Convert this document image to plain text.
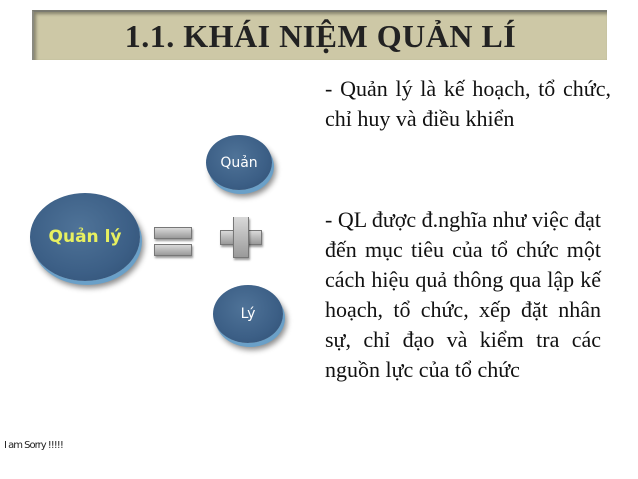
1.1. KHÁI NIỆM QUẢN LÍ
- Quản lý là kế hoạch, tổ chức, chỉ huy và điều khiển
- QL được đ.nghĩa như việc đạt đến mục tiêu của tổ chức một cách hiệu quả thông qua lập kế hoạch, tổ chức, xếp đặt nhân sự, chỉ đạo và kiểm tra các nguồn lực của tổ chức
Quản lý
Quản
Lý
I am Sorry !!!!!
